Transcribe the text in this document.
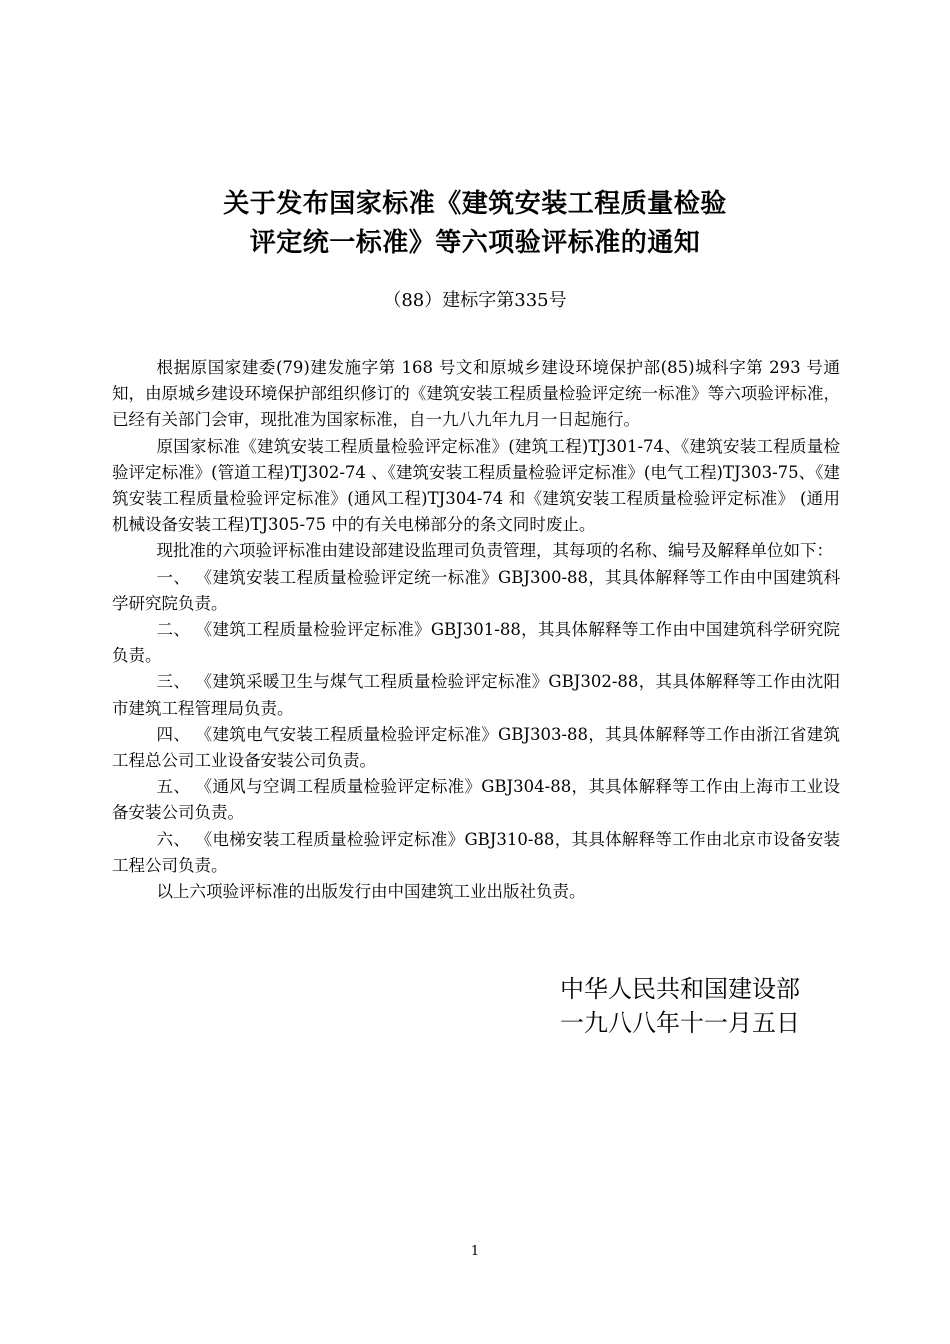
关于发布国家标准《建筑安装工程质量检验
评定统一标准》等六项验评标准的通知
（88）建标字第335号

根据原国家建委(79)建发施字第 168 号文和原城乡建设环境保护部(85)城科字第 293 号通知，由原城乡建设环境保护部组织修订的《建筑安装工程质量检验评定统一标准》等六项验评标准，已经有关部门会审，现批准为国家标准，自一九八九年九月一日起施行。

原国家标准《建筑安装工程质量检验评定标准》(建筑工程)TJ301-74、《建筑安装工程质量检验评定标准》(管道工程)TJ302-74 、《建筑安装工程质量检验评定标准》(电气工程)TJ303-75、《建筑安装工程质量检验评定标准》(通风工程)TJ304-74 和《建筑安装工程质量检验评定标准》 (通用机械设备安装工程)TJ305-75 中的有关电梯部分的条文同时废止。

现批准的六项验评标准由建设部建设监理司负责管理，其每项的名称、编号及解释单位如下：

一、 《建筑安装工程质量检验评定统一标准》GBJ300-88，其具体解释等工作由中国建筑科学研究院负责。

二、 《建筑工程质量检验评定标准》GBJ301-88，其具体解释等工作由中国建筑科学研究院负责。

三、 《建筑采暖卫生与煤气工程质量检验评定标准》GBJ302-88，其具体解释等工作由沈阳市建筑工程管理局负责。

四、 《建筑电气安装工程质量检验评定标准》GBJ303-88，其具体解释等工作由浙江省建筑工程总公司工业设备安装公司负责。

五、 《通风与空调工程质量检验评定标准》GBJ304-88，其具体解释等工作由上海市工业设备安装公司负责。

六、 《电梯安装工程质量检验评定标准》GBJ310-88，其具体解释等工作由北京市设备安装工程公司负责。

以上六项验评标准的出版发行由中国建筑工业出版社负责。

中华人民共和国建设部
一九八八年十一月五日
1
